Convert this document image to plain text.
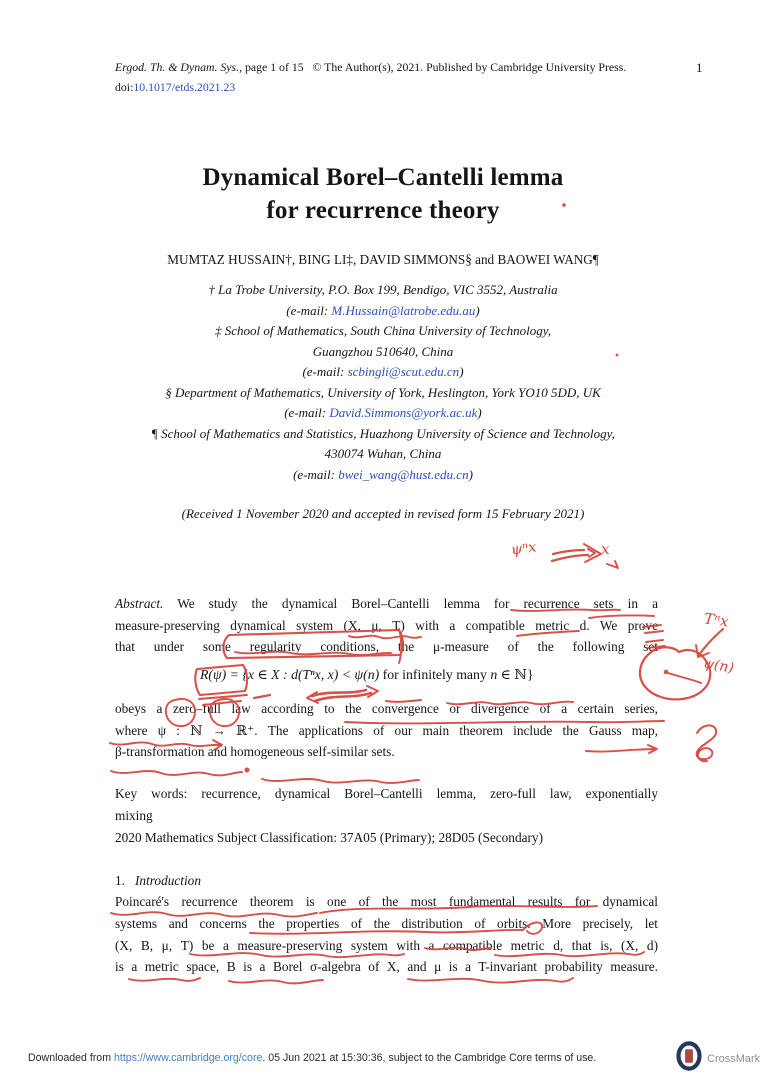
Ergod. Th. & Dynam. Sys., page 1 of 15  © The Author(s), 2021. Published by Cambridge University Press.
doi:10.1017/etds.2021.23
1
Dynamical Borel–Cantelli lemma
for recurrence theory
MUMTAZ HUSSAIN†, BING LI‡, DAVID SIMMONS§ and BAOWEI WANG¶
† La Trobe University, P.O. Box 199, Bendigo, VIC 3552, Australia
(e-mail: M.Hussain@latrobe.edu.au)
‡ School of Mathematics, South China University of Technology,
Guangzhou 510640, China
(e-mail: scbingli@scut.edu.cn)
§ Department of Mathematics, University of York, Heslington, York YO10 5DD, UK
(e-mail: David.Simmons@york.ac.uk)
¶ School of Mathematics and Statistics, Huazhong University of Science and Technology,
430074 Wuhan, China
(e-mail: bwei_wang@hust.edu.cn)
(Received 1 November 2020 and accepted in revised form 15 February 2021)
Abstract. We study the dynamical Borel–Cantelli lemma for recurrence sets in a
measure-preserving dynamical system (X, μ, T) with a compatible metric d. We prove
that under some regularity conditions, the μ-measure of the following set
R(ψ) = {x ∈ X : d(Tⁿx, x) < ψ(n) for infinitely many n ∈ ℕ}
obeys a zero–full law according to the convergence or divergence of a certain series,
where ψ : ℕ → ℝ⁺. The applications of our main theorem include the Gauss map,
β-transformation and homogeneous self-similar sets.
Key words: recurrence, dynamical Borel–Cantelli lemma, zero-full law, exponentially
mixing
2020 Mathematics Subject Classification: 37A05 (Primary); 28D05 (Secondary)
1. Introduction
Poincaré's recurrence theorem is one of the most fundamental results for dynamical
systems and concerns the properties of the distribution of orbits. More precisely, let
(X, B, μ, T) be a measure-preserving system with a compatible metric d, that is, (X, d)
is a metric space, B is a Borel σ-algebra of X, and μ is a T-invariant probability measure.
Downloaded from https://www.cambridge.org/core. 05 Jun 2021 at 15:30:36, subject to the Cambridge Core terms of use.	CrossMark
ψⁿx	x
Tⁿx
ψ(n)
